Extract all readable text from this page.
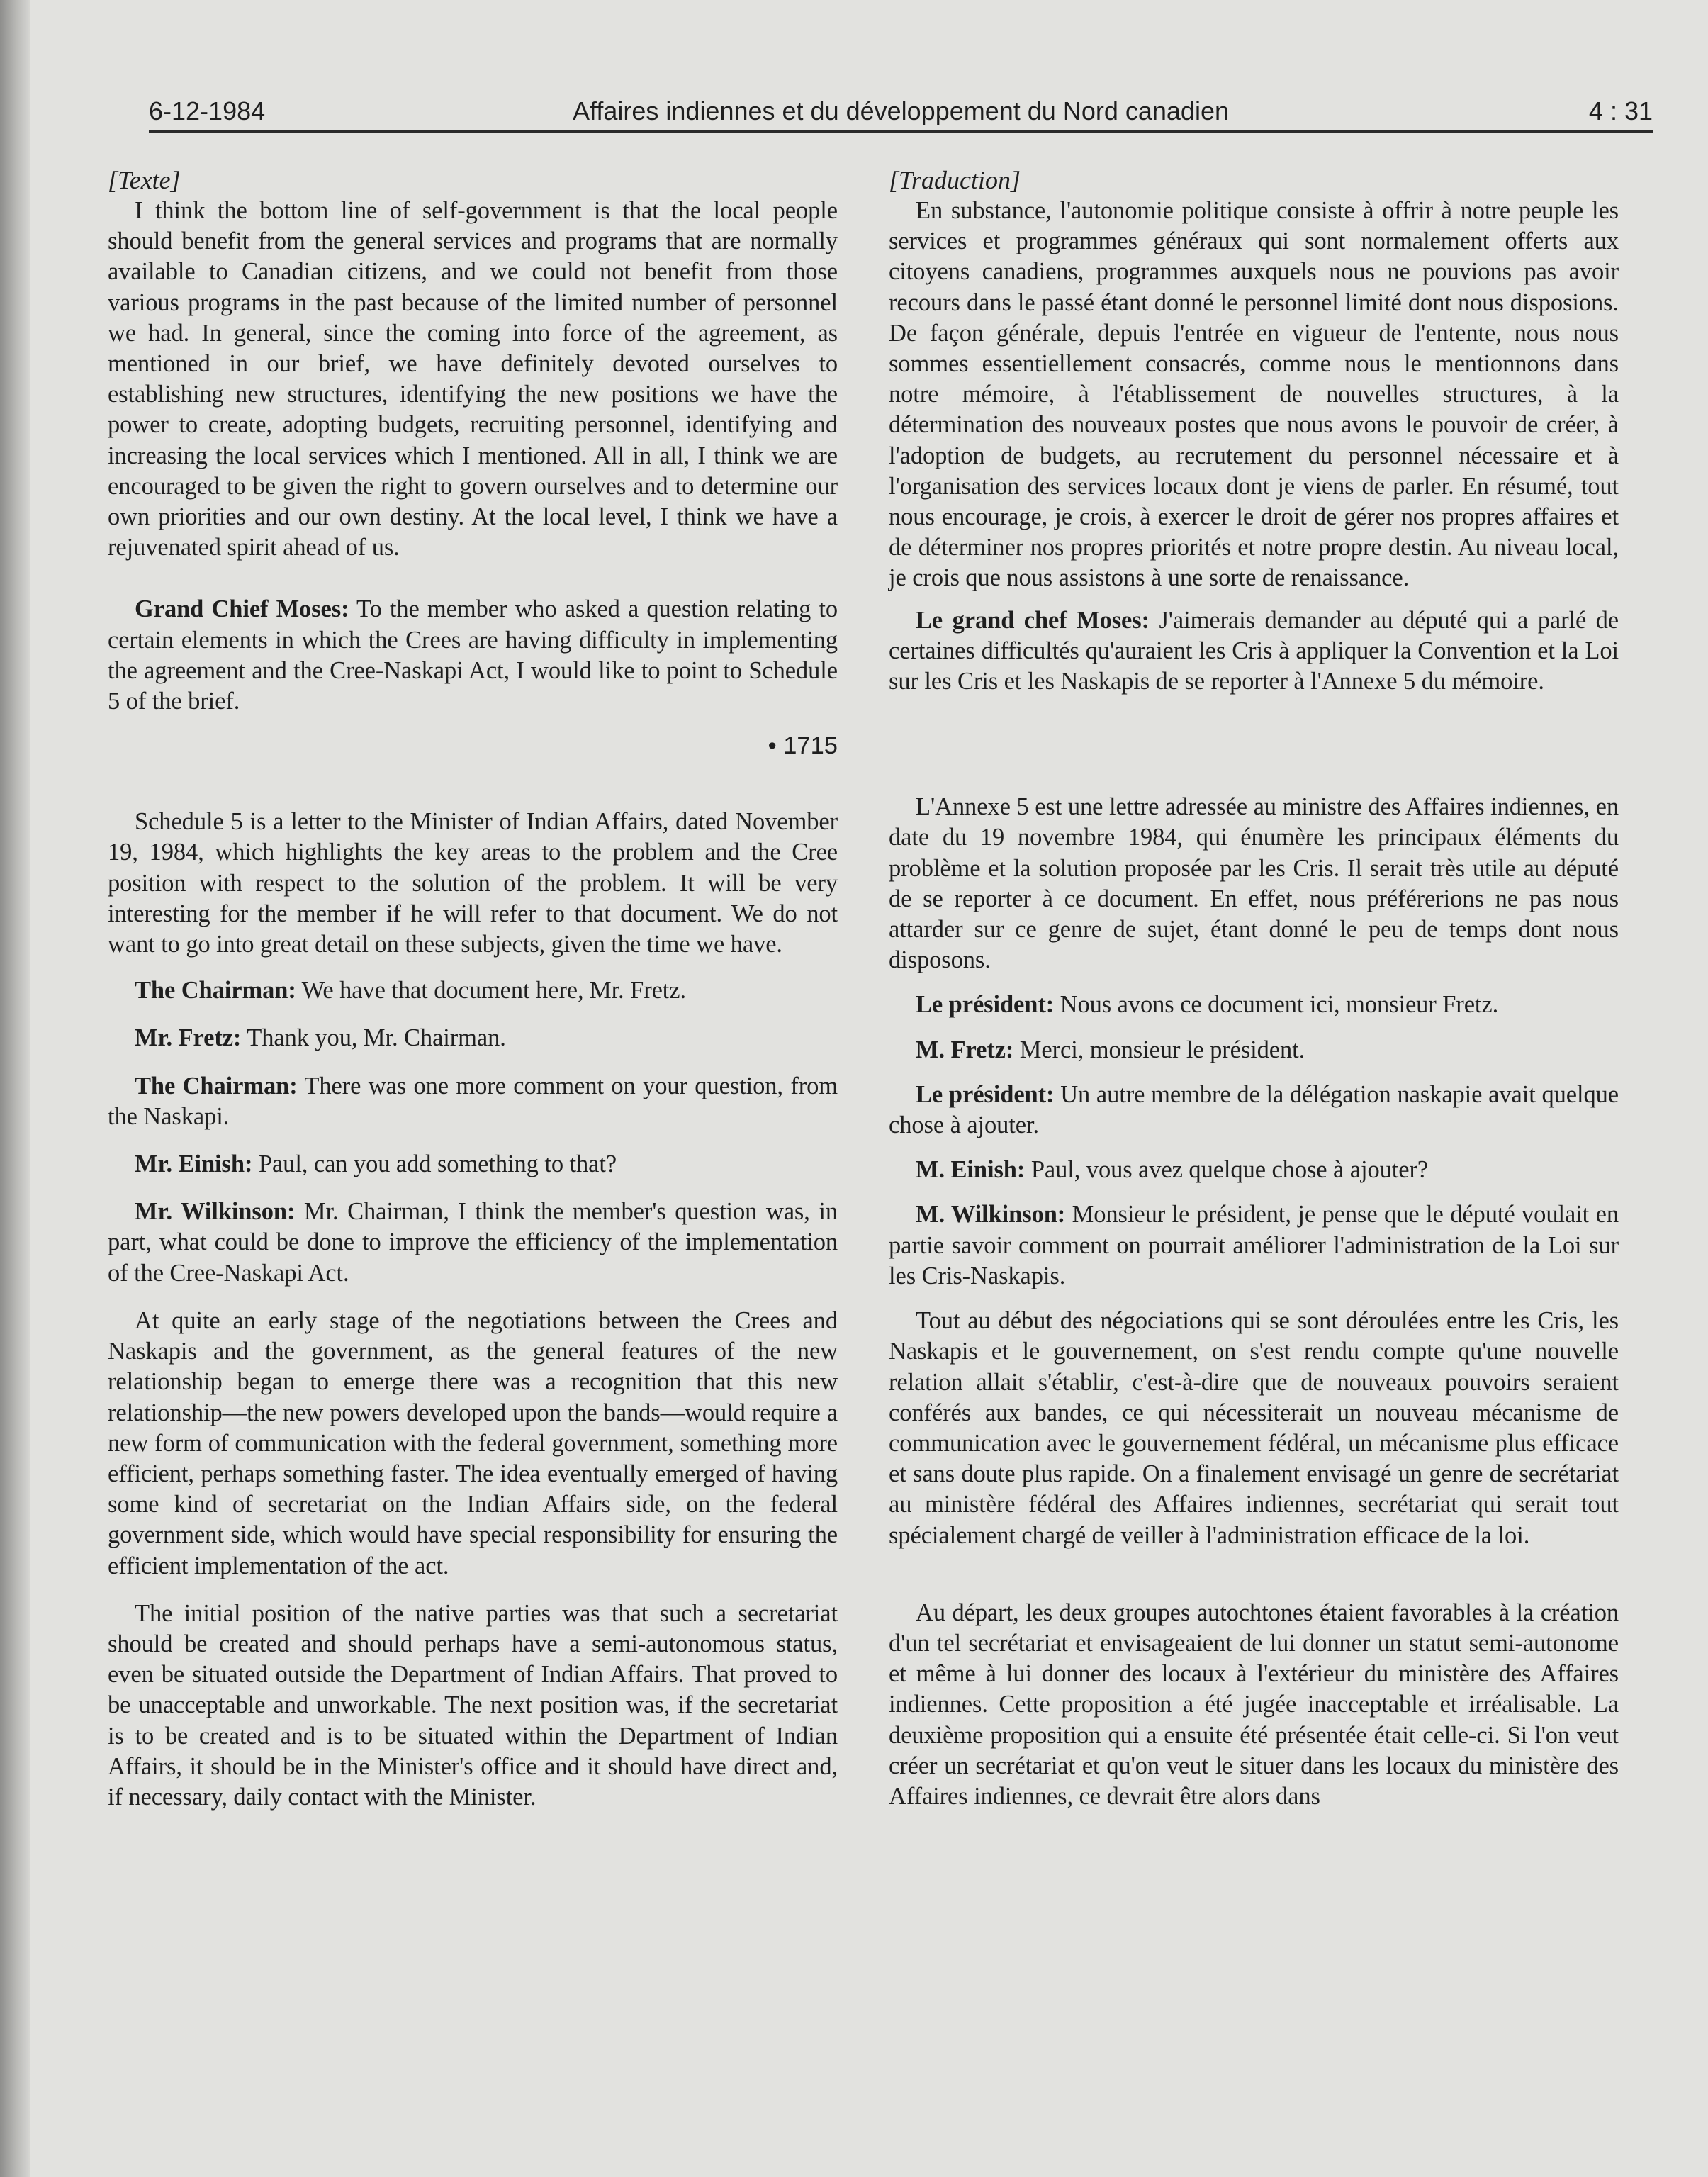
6-12-1984	Affaires indiennes et du développement du Nord canadien	4 : 31

[Texte]

I think the bottom line of self-government is that the local people should benefit from the general services and programs that are normally available to Canadian citizens, and we could not benefit from those various programs in the past because of the limited number of personnel we had. In general, since the coming into force of the agreement, as mentioned in our brief, we have definitely devoted ourselves to establishing new structures, identifying the new positions we have the power to create, adopting budgets, recruiting personnel, identifying and increasing the local services which I mentioned. All in all, I think we are encouraged to be given the right to govern ourselves and to determine our own priorities and our own destiny. At the local level, I think we have a rejuvenated spirit ahead of us.

Grand Chief Moses: To the member who asked a question relating to certain elements in which the Crees are having difficulty in implementing the agreement and the Cree-Naskapi Act, I would like to point to Schedule 5 of the brief.

• 1715

Schedule 5 is a letter to the Minister of Indian Affairs, dated November 19, 1984, which highlights the key areas to the problem and the Cree position with respect to the solution of the problem. It will be very interesting for the member if he will refer to that document. We do not want to go into great detail on these subjects, given the time we have.

The Chairman: We have that document here, Mr. Fretz.

Mr. Fretz: Thank you, Mr. Chairman.

The Chairman: There was one more comment on your question, from the Naskapi.

Mr. Einish: Paul, can you add something to that?

Mr. Wilkinson: Mr. Chairman, I think the member's question was, in part, what could be done to improve the efficiency of the implementation of the Cree-Naskapi Act.

At quite an early stage of the negotiations between the Crees and Naskapis and the government, as the general features of the new relationship began to emerge there was a recognition that this new relationship—the new powers developed upon the bands—would require a new form of communication with the federal government, something more efficient, perhaps something faster. The idea eventually emerged of having some kind of secretariat on the Indian Affairs side, on the federal government side, which would have special responsibility for ensuring the efficient implementation of the act.

The initial position of the native parties was that such a secretariat should be created and should perhaps have a semi-autonomous status, even be situated outside the Department of Indian Affairs. That proved to be unacceptable and unworkable. The next position was, if the secretariat is to be created and is to be situated within the Department of Indian Affairs, it should be in the Minister's office and it should have direct and, if necessary, daily contact with the Minister.

[Traduction]

En substance, l'autonomie politique consiste à offrir à notre peuple les services et programmes généraux qui sont normalement offerts aux citoyens canadiens, programmes auxquels nous ne pouvions pas avoir recours dans le passé étant donné le personnel limité dont nous disposions. De façon générale, depuis l'entrée en vigueur de l'entente, nous nous sommes essentiellement consacrés, comme nous le mentionnons dans notre mémoire, à l'établissement de nouvelles structures, à la détermination des nouveaux postes que nous avons le pouvoir de créer, à l'adoption de budgets, au recrutement du personnel nécessaire et à l'organisation des services locaux dont je viens de parler. En résumé, tout nous encourage, je crois, à exercer le droit de gérer nos propres affaires et de déterminer nos propres priorités et notre propre destin. Au niveau local, je crois que nous assistons à une sorte de renaissance.

Le grand chef Moses: J'aimerais demander au député qui a parlé de certaines difficultés qu'auraient les Cris à appliquer la Convention et la Loi sur les Cris et les Naskapis de se reporter à l'Annexe 5 du mémoire.

L'Annexe 5 est une lettre adressée au ministre des Affaires indiennes, en date du 19 novembre 1984, qui énumère les principaux éléments du problème et la solution proposée par les Cris. Il serait très utile au député de se reporter à ce document. En effet, nous préférerions ne pas nous attarder sur ce genre de sujet, étant donné le peu de temps dont nous disposons.

Le président: Nous avons ce document ici, monsieur Fretz.

M. Fretz: Merci, monsieur le président.

Le président: Un autre membre de la délégation naskapie avait quelque chose à ajouter.

M. Einish: Paul, vous avez quelque chose à ajouter?

M. Wilkinson: Monsieur le président, je pense que le député voulait en partie savoir comment on pourrait améliorer l'administration de la Loi sur les Cris-Naskapis.

Tout au début des négociations qui se sont déroulées entre les Cris, les Naskapis et le gouvernement, on s'est rendu compte qu'une nouvelle relation allait s'établir, c'est-à-dire que de nouveaux pouvoirs seraient conférés aux bandes, ce qui nécessiterait un nouveau mécanisme de communication avec le gouvernement fédéral, un mécanisme plus efficace et sans doute plus rapide. On a finalement envisagé un genre de secrétariat au ministère fédéral des Affaires indiennes, secrétariat qui serait tout spécialement chargé de veiller à l'administration efficace de la loi.

Au départ, les deux groupes autochtones étaient favorables à la création d'un tel secrétariat et envisageaient de lui donner un statut semi-autonome et même à lui donner des locaux à l'extérieur du ministère des Affaires indiennes. Cette proposition a été jugée inacceptable et irréalisable. La deuxième proposition qui a ensuite été présentée était celle-ci. Si l'on veut créer un secrétariat et qu'on veut le situer dans les locaux du ministère des Affaires indiennes, ce devrait être alors dans
